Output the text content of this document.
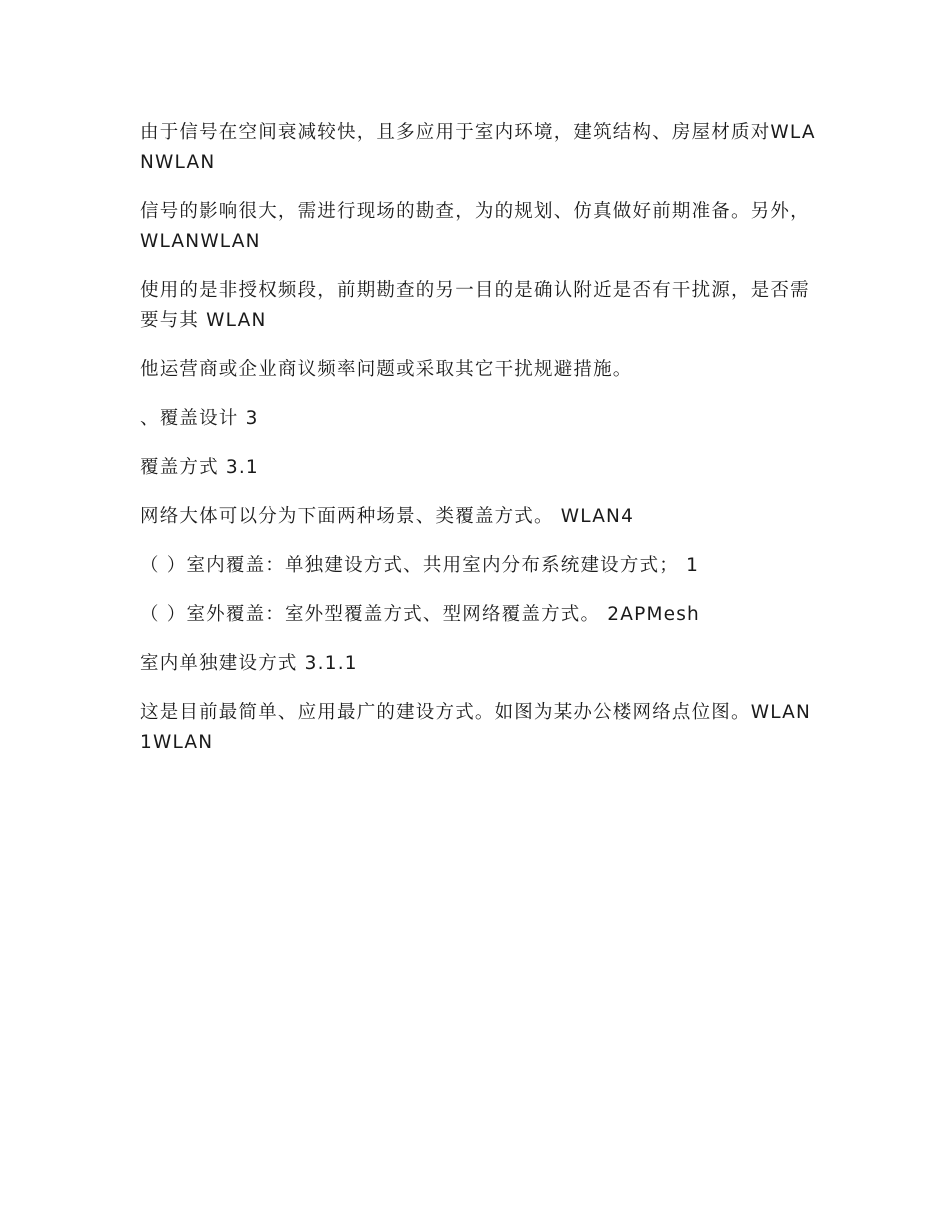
由于信号在空间衰减较快，且多应用于室内环境，建筑结构、房屋材质对WLANWLAN

信号的影响很大，需进行现场的勘查，为的规划、仿真做好前期准备。另外，WLANWLAN

使用的是非授权频段，前期勘查的另一目的是确认附近是否有干扰源，是否需要与其 WLAN

他运营商或企业商议频率问题或采取其它干扰规避措施。

、覆盖设计 3

覆盖方式 3.1

网络大体可以分为下面两种场景、类覆盖方式。 WLAN4

（ ）室内覆盖：单独建设方式、共用室内分布系统建设方式； 1

（ ）室外覆盖：室外型覆盖方式、型网络覆盖方式。 2APMesh

室内单独建设方式 3.1.1

这是目前最简单、应用最广的建设方式。如图为某办公楼网络点位图。WLAN1WLAN
